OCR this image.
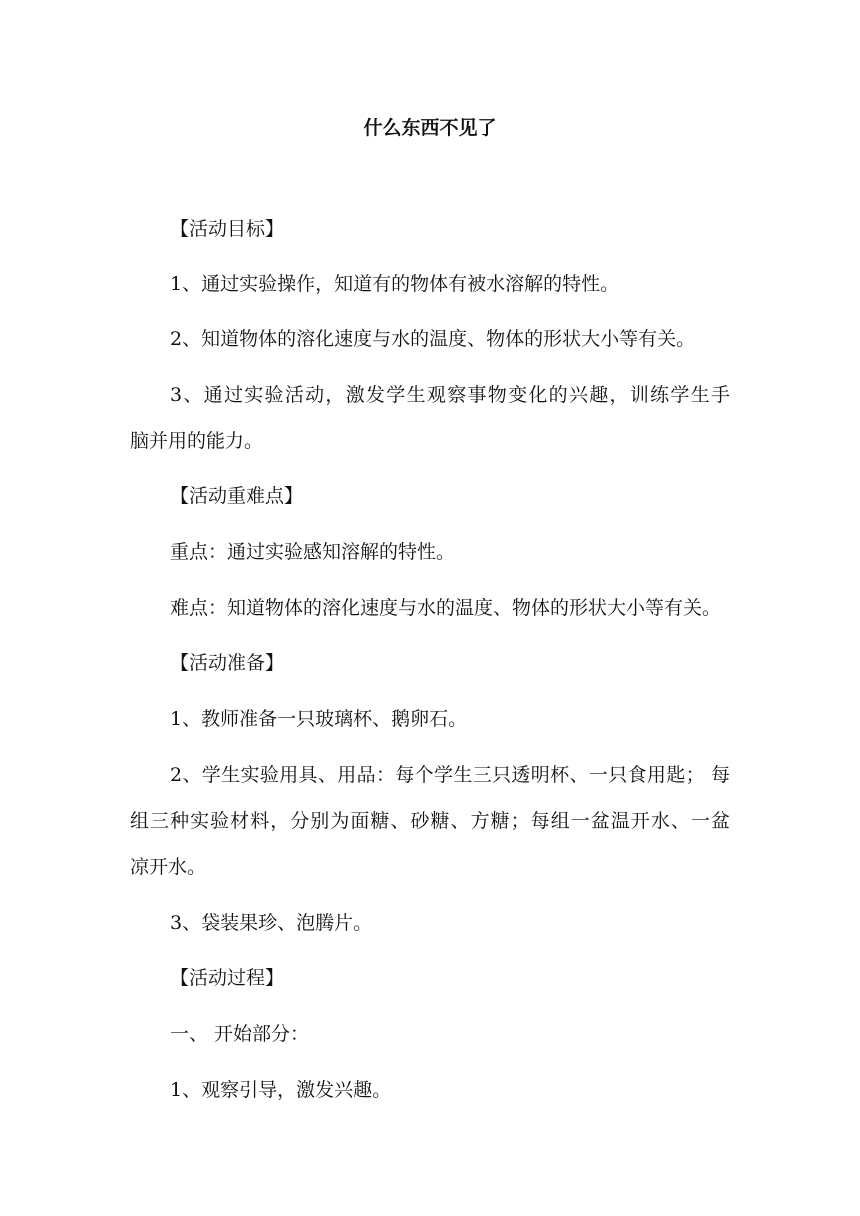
什么东西不见了
【活动目标】
1、通过实验操作，知道有的物体有被水溶解的特性。
2、知道物体的溶化速度与水的温度、物体的形状大小等有关。
3、通过实验活动，激发学生观察事物变化的兴趣，训练学生手
脑并用的能力。
【活动重难点】
重点：通过实验感知溶解的特性。
难点：知道物体的溶化速度与水的温度、物体的形状大小等有关。
【活动准备】
1、教师准备一只玻璃杯、鹅卵石。
2、学生实验用具、用品：每个学生三只透明杯、一只食用匙； 每
组三种实验材料，分别为面糖、砂糖、方糖；每组一盆温开水、一盆
凉开水。
3、袋装果珍、泡腾片。
【活动过程】
一、 开始部分：
1、观察引导，激发兴趣。
